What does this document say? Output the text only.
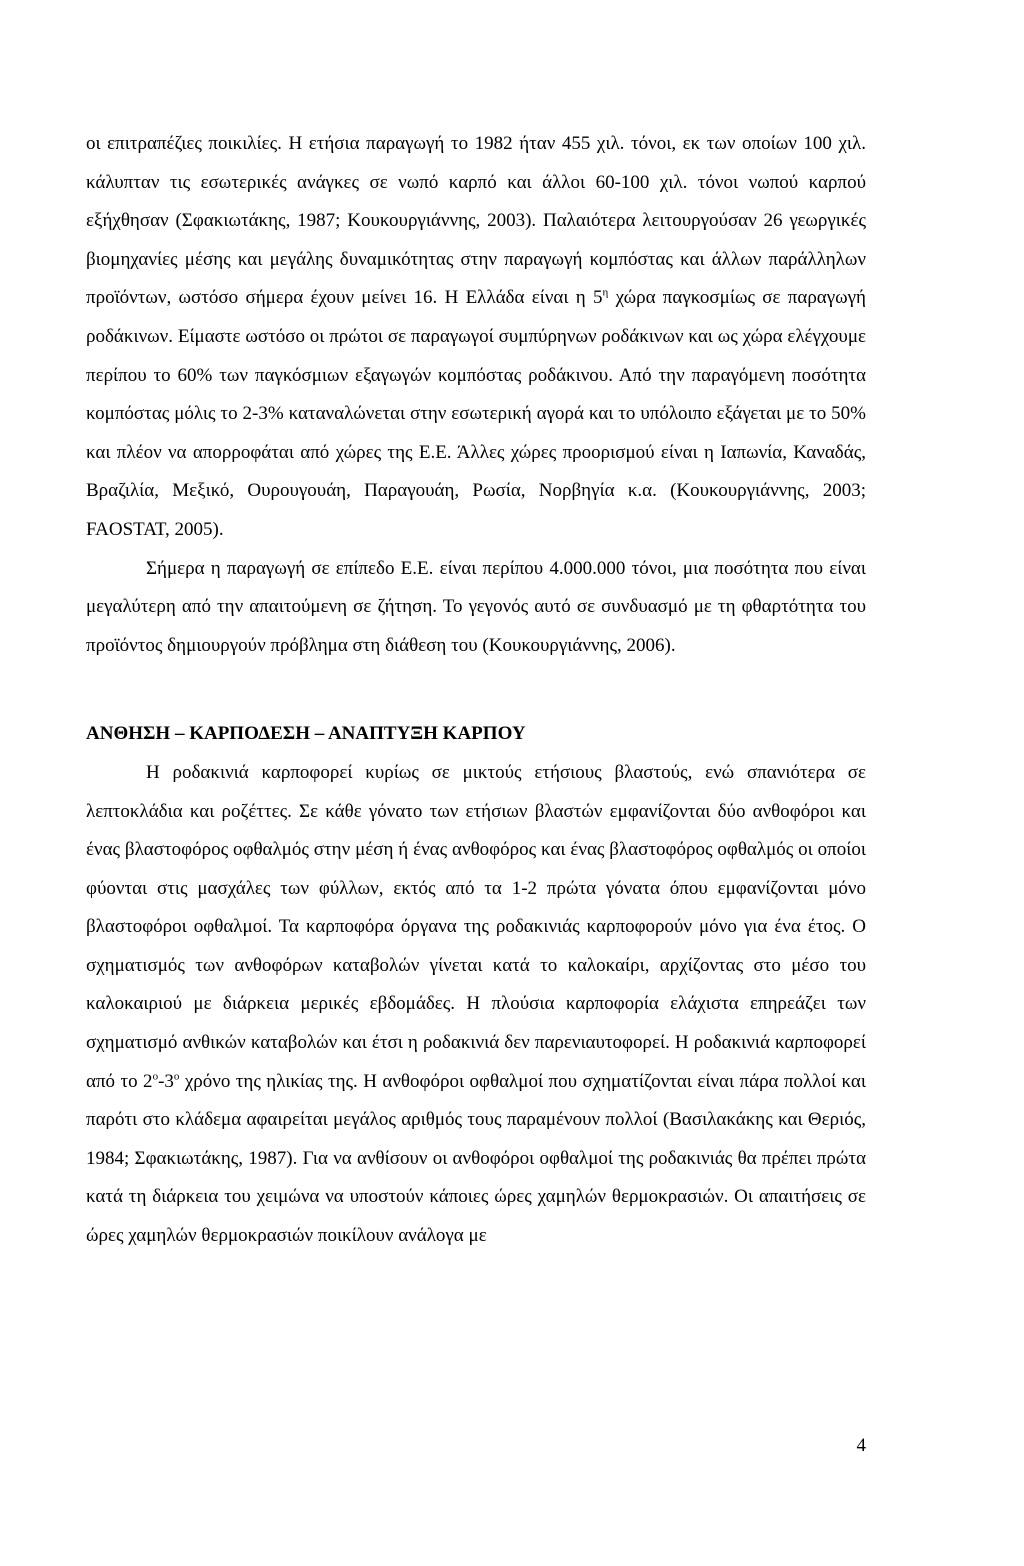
οι επιτραπέζιες ποικιλίες. Η ετήσια παραγωγή το 1982 ήταν 455 χιλ. τόνοι, εκ των οποίων 100 χιλ. κάλυπταν τις εσωτερικές ανάγκες σε νωπό καρπό και άλλοι 60-100 χιλ. τόνοι νωπού καρπού εξήχθησαν (Σφακιωτάκης, 1987; Κουκουργιάννης, 2003). Παλαιότερα λειτουργούσαν 26 γεωργικές βιομηχανίες μέσης και μεγάλης δυναμικότητας στην παραγωγή κομπόστας και άλλων παράλληλων προϊόντων, ωστόσο σήμερα έχουν μείνει 16. Η Ελλάδα είναι η $5^\eta$ χώρα παγκοσμίως σε παραγωγή ροδάκινων. Είμαστε ωστόσο οι πρώτοι σε παραγωγοί συμπύρηνων ροδάκινων και ως χώρα ελέγχουμε περίπου το 60% των παγκόσμιων εξαγωγών κομπόστας ροδάκινου. Από την παραγόμενη ποσότητα κομπόστας μόλις το 2-3% καταναλώνεται στην εσωτερική αγορά και το υπόλοιπο εξάγεται με το 50% και πλέον να απορροφάται από χώρες της Ε.Ε. Άλλες χώρες προορισμού είναι η Ιαπωνία, Καναδάς, Βραζιλία, Μεξικό, Ουρουγουάη, Παραγουάη, Ρωσία, Νορβηγία κ.α. (Κουκουργιάννης, 2003; FAOSTAT, 2005).

Σήμερα η παραγωγή σε επίπεδο Ε.Ε. είναι περίπου 4.000.000 τόνοι, μια ποσότητα που είναι μεγαλύτερη από την απαιτούμενη σε ζήτηση. Το γεγονός αυτό σε συνδυασμό με τη φθαρτότητα του προϊόντος δημιουργούν πρόβλημα στη διάθεση του (Κουκουργιάννης, 2006).

ΑΝΘΗΣΗ – ΚΑΡΠΟΔΕΣΗ – ΑΝΑΠΤΥΞΗ ΚΑΡΠΟΥ

Η ροδακινιά καρποφορεί κυρίως σε μικτούς ετήσιους βλαστούς, ενώ σπανιότερα σε λεπτοκλάδια και ροζέττες. Σε κάθε γόνατο των ετήσιων βλαστών εμφανίζονται δύο ανθοφόροι και ένας βλαστοφόρος οφθαλμός στην μέση ή ένας ανθοφόρος και ένας βλαστοφόρος οφθαλμός οι οποίοι φύονται στις μασχάλες των φύλλων, εκτός από τα 1-2 πρώτα γόνατα όπου εμφανίζονται μόνο βλαστοφόροι οφθαλμοί. Τα καρποφόρα όργανα της ροδακινιάς καρποφορούν μόνο για ένα έτος. Ο σχηματισμός των ανθοφόρων καταβολών γίνεται κατά το καλοκαίρι, αρχίζοντας στο μέσο του καλοκαιριού με διάρκεια μερικές εβδομάδες. Η πλούσια καρποφορία ελάχιστα επηρεάζει των σχηματισμό ανθικών καταβολών και έτσι η ροδακινιά δεν παρενιαυτοφορεί. Η ροδακινιά καρποφορεί από το $2^o-3^o$ χρόνο της ηλικίας της. Η ανθοφόροι οφθαλμοί που σχηματίζονται είναι πάρα πολλοί και παρότι στο κλάδεμα αφαιρείται μεγάλος αριθμός τους παραμένουν πολλοί (Βασιλακάκης και Θεριός, 1984; Σφακιωτάκης, 1987). Για να ανθίσουν οι ανθοφόροι οφθαλμοί της ροδακινιάς θα πρέπει πρώτα κατά τη διάρκεια του χειμώνα να υποστούν κάποιες ώρες χαμηλών θερμοκρασιών. Οι απαιτήσεις σε ώρες χαμηλών θερμοκρασιών ποικίλουν ανάλογα με

4
